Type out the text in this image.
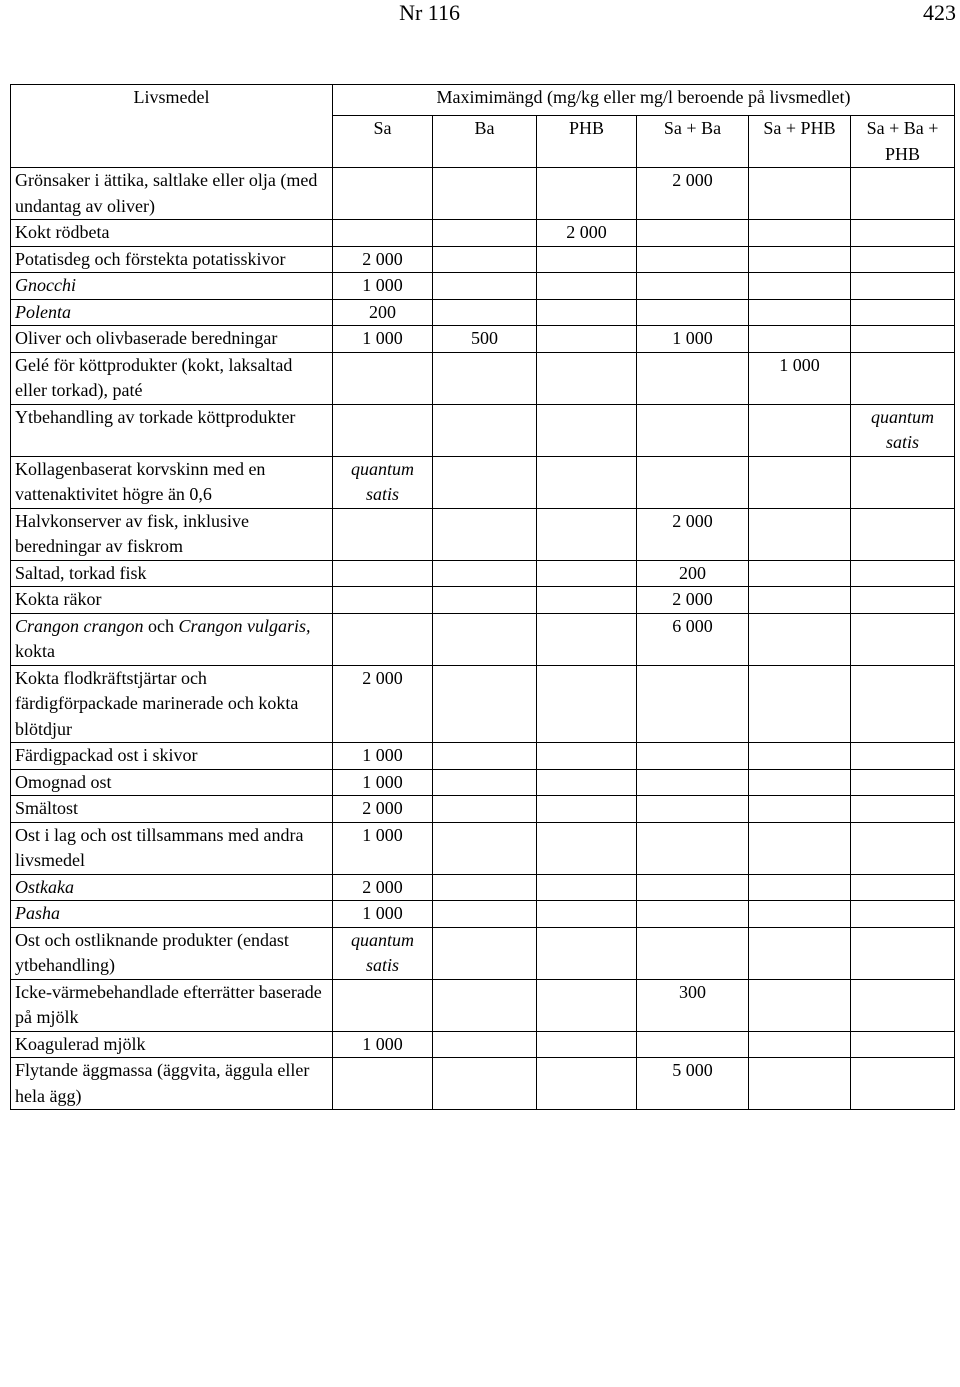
Nr 116	423
Livsmedel	Maximimängd (mg/kg eller mg/l beroende på livsmedlet)					
	Sa	Ba	PHB	Sa + Ba	Sa + PHB	Sa + Ba + PHB
Grönsaker i ättika, saltlake eller olja (med undantag av oliver)				2 000		
Kokt rödbeta			2 000			
Potatisdeg och förstekta potatisskivor	2 000					
Gnocchi	1 000					
Polenta	200					
Oliver och olivbaserade beredningar	1 000	500		1 000		
Gelé för köttprodukter (kokt, laksaltad eller torkad), paté					1 000	
Ytbehandling av torkade köttprodukter						quantum satis
Kollagenbaserat korvskinn med en vattenaktivitet högre än 0,6	quantum satis					
Halvkonserver av fisk, inklusive beredningar av fiskrom				2 000		
Saltad, torkad fisk				200		
Kokta räkor				2 000		
Crangon crangon och Crangon vulgaris, kokta				6 000		
Kokta flodkräftstjärtar och färdigförpackade marinerade och kokta blötdjur	2 000					
Färdigpackad ost i skivor	1 000					
Omognad ost	1 000					
Smältost	2 000					
Ost i lag och ost tillsammans med andra livsmedel	1 000					
Ostkaka	2 000					
Pasha	1 000					
Ost och ostliknande produkter (endast ytbehandling)	quantum satis					
Icke-värmebehandlade efterrätter baserade på mjölk				300		
Koagulerad mjölk	1 000					
Flytande äggmassa (äggvita, äggula eller hela ägg)				5 000		
